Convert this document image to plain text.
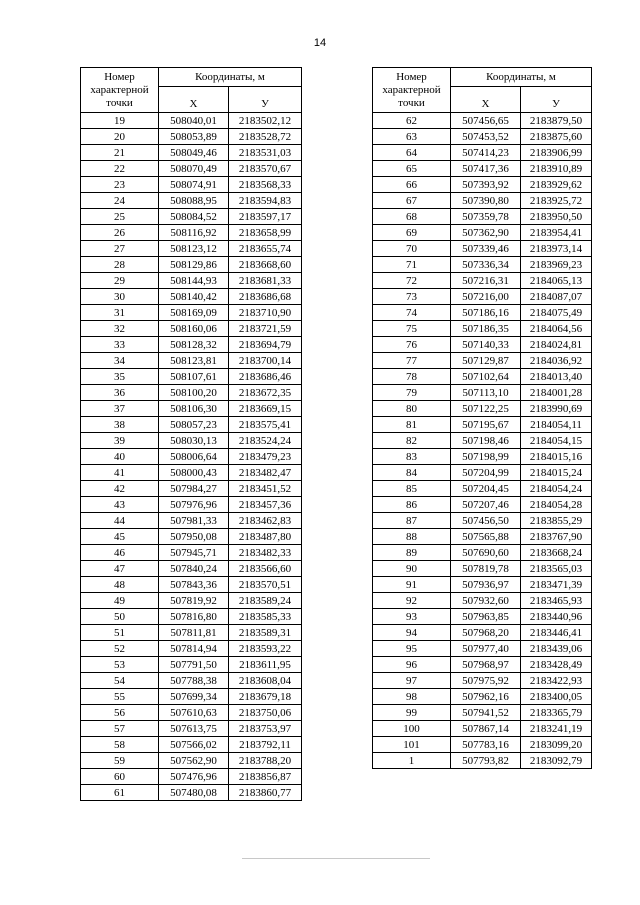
14
Номер характерной точки	Координаты, м	
	X	У
19	508040,01	2183502,12
20	508053,89	2183528,72
21	508049,46	2183531,03
22	508070,49	2183570,67
23	508074,91	2183568,33
24	508088,95	2183594,83
25	508084,52	2183597,17
26	508116,92	2183658,99
27	508123,12	2183655,74
28	508129,86	2183668,60
29	508144,93	2183681,33
30	508140,42	2183686,68
31	508169,09	2183710,90
32	508160,06	2183721,59
33	508128,32	2183694,79
34	508123,81	2183700,14
35	508107,61	2183686,46
36	508100,20	2183672,35
37	508106,30	2183669,15
38	508057,23	2183575,41
39	508030,13	2183524,24
40	508006,64	2183479,23
41	508000,43	2183482,47
42	507984,27	2183451,52
43	507976,96	2183457,36
44	507981,33	2183462,83
45	507950,08	2183487,80
46	507945,71	2183482,33
47	507840,24	2183566,60
48	507843,36	2183570,51
49	507819,92	2183589,24
50	507816,80	2183585,33
51	507811,81	2183589,31
52	507814,94	2183593,22
53	507791,50	2183611,95
54	507788,38	2183608,04
55	507699,34	2183679,18
56	507610,63	2183750,06
57	507613,75	2183753,97
58	507566,02	2183792,11
59	507562,90	2183788,20
60	507476,96	2183856,87
61	507480,08	2183860,77
Номер характерной точки	Координаты, м	
	X	У
62	507456,65	2183879,50
63	507453,52	2183875,60
64	507414,23	2183906,99
65	507417,36	2183910,89
66	507393,92	2183929,62
67	507390,80	2183925,72
68	507359,78	2183950,50
69	507362,90	2183954,41
70	507339,46	2183973,14
71	507336,34	2183969,23
72	507216,31	2184065,13
73	507216,00	2184087,07
74	507186,16	2184075,49
75	507186,35	2184064,56
76	507140,33	2184024,81
77	507129,87	2184036,92
78	507102,64	2184013,40
79	507113,10	2184001,28
80	507122,25	2183990,69
81	507195,67	2184054,11
82	507198,46	2184054,15
83	507198,99	2184015,16
84	507204,99	2184015,24
85	507204,45	2184054,24
86	507207,46	2184054,28
87	507456,50	2183855,29
88	507565,88	2183767,90
89	507690,60	2183668,24
90	507819,78	2183565,03
91	507936,97	2183471,39
92	507932,60	2183465,93
93	507963,85	2183440,96
94	507968,20	2183446,41
95	507977,40	2183439,06
96	507968,97	2183428,49
97	507975,92	2183422,93
98	507962,16	2183400,05
99	507941,52	2183365,79
100	507867,14	2183241,19
101	507783,16	2183099,20
1	507793,82	2183092,79
